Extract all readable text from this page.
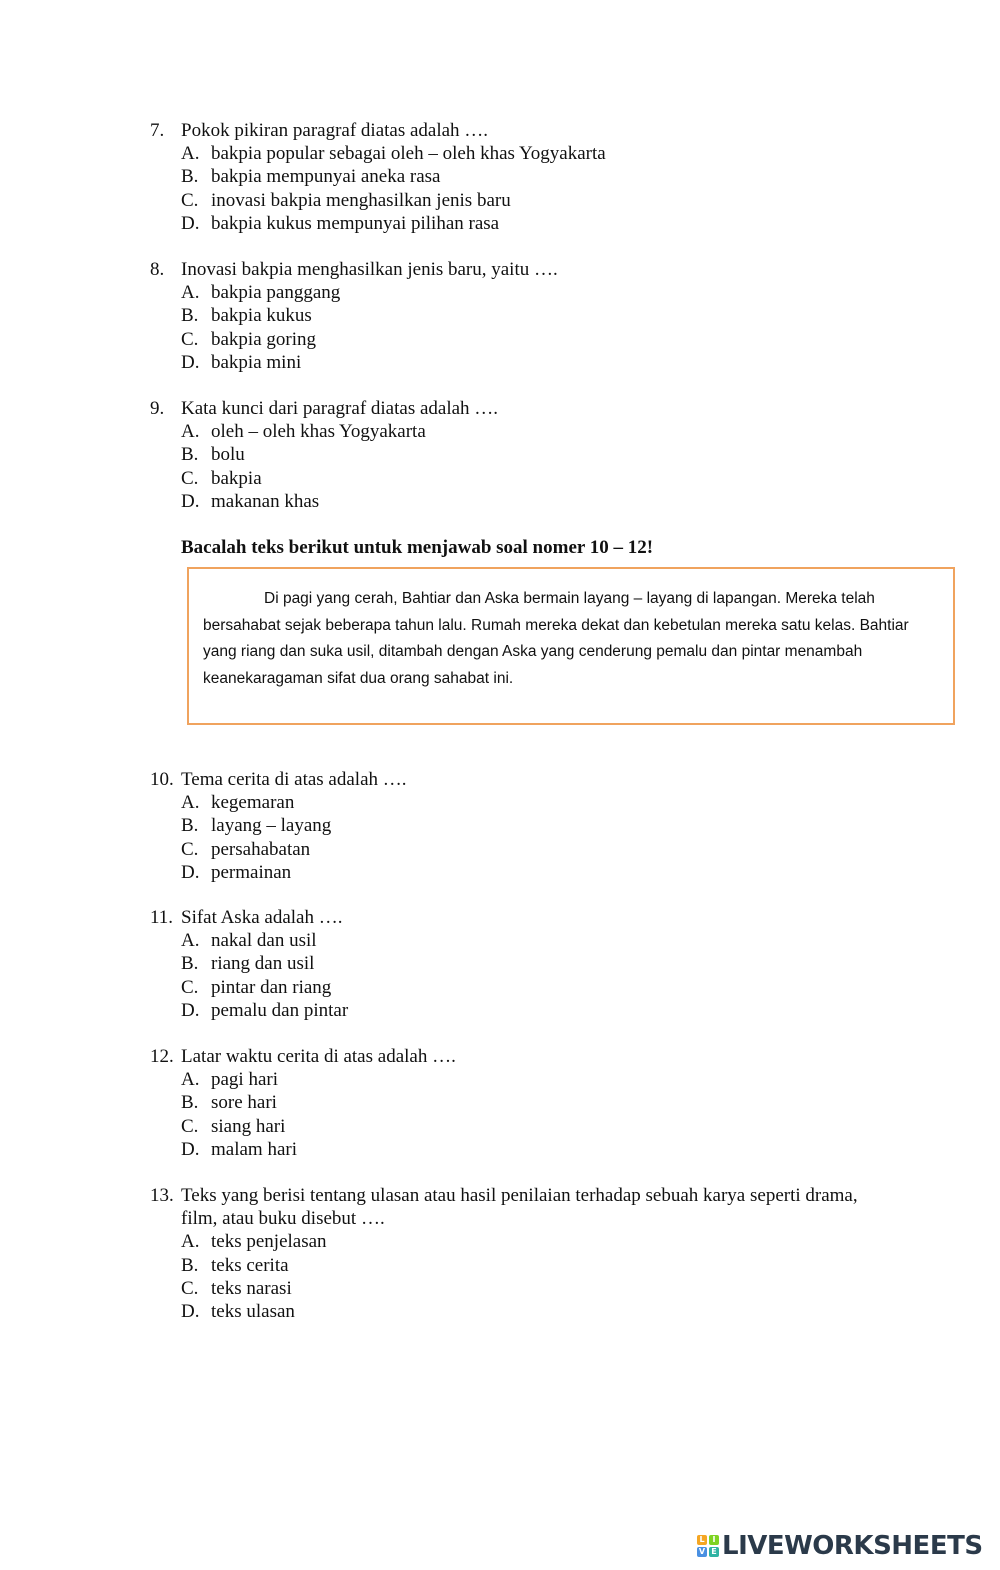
7. Pokok pikiran paragraf diatas adalah ….
A. bakpia popular sebagai oleh – oleh khas Yogyakarta
B. bakpia mempunyai aneka rasa
C. inovasi bakpia menghasilkan jenis baru
D. bakpia kukus mempunyai pilihan rasa
8. Inovasi bakpia menghasilkan jenis baru, yaitu ….
A. bakpia panggang
B. bakpia kukus
C. bakpia goring
D. bakpia mini
9. Kata kunci dari paragraf diatas adalah ….
A. oleh – oleh khas Yogyakarta
B. bolu
C. bakpia
D. makanan khas
Bacalah teks berikut untuk menjawab soal nomer 10 – 12!
Di pagi yang cerah, Bahtiar dan Aska bermain layang – layang di lapangan. Mereka telah bersahabat sejak beberapa tahun lalu. Rumah mereka dekat dan kebetulan mereka satu kelas. Bahtiar yang riang dan suka usil, ditambah dengan Aska yang cenderung pemalu dan pintar menambah keanekaragaman sifat dua orang sahabat ini.
10. Tema cerita di atas adalah ….
A. kegemaran
B. layang – layang
C. persahabatan
D. permainan
11. Sifat Aska adalah ….
A. nakal dan usil
B. riang dan usil
C. pintar dan riang
D. pemalu dan pintar
12. Latar waktu cerita di atas adalah ….
A. pagi hari
B. sore hari
C. siang hari
D. malam hari
13. Teks yang berisi tentang ulasan atau hasil penilaian terhadap sebuah karya seperti drama, film, atau buku disebut ….
A. teks penjelasan
B. teks cerita
C. teks narasi
D. teks ulasan
L I
V E LIVEWORKSHEETS
